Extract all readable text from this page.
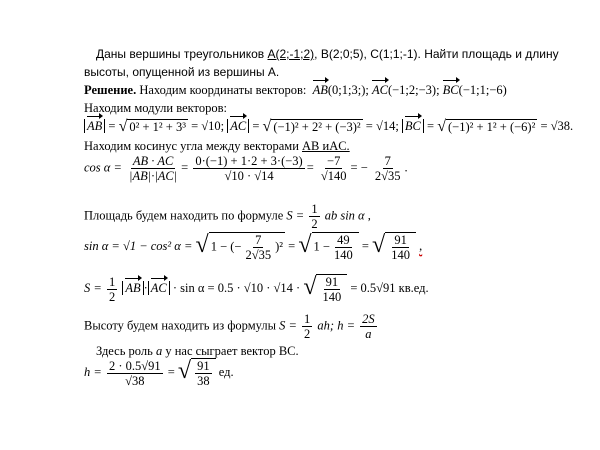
Даны вершины треугольников A(2;-1;2), B(2;0;5), C(1;1;-1). Найти площадь и длину
высоты, опущенной из вершины A.
Решение. Находим координаты векторов: AB(0;1;3;); AC(−1;2;−3); BC(−1;1;−6)
Находим модули векторов:
AB = √ 0² + 1² + 3³ = √10; AC = √ (−1)² + 2² + (−3)² = √14; BC = √ (−1)² + 1² + (−6)² = √38.
Находим косинус угла между векторами AB иAC.
$\cos \alpha = \frac{AB \cdot AC}{|AB|\cdot|AC|} = \frac{0\cdot(-1) + 1\cdot 2 + 3\cdot(-3)}{√10 \cdot √14} = \frac{-7}{√140}$ = − $\frac{7}{2√35}$ .
Площадь будем находить по формуле $S = \frac{1}{2}$ ab sin α ,
sin α = √1 − cos² α = √ 1 − (− $\frac{7}{2√35} )^2$ = √ $1 - \frac{49}{140}$ = √ $\frac{91}{140}$ ,
$S = \frac{1}{2}$ AB · AC · sin α = 0.5 · √10 · √14 · √ $\frac{91}{140} = 0.5√91$ кв.ед.
Высоту будем находить из формулы $S = \frac{1}{2}$ ah; $h = \frac{2S}{a}$
Здесь роль a у нас сыграет вектор BC.
$h = \frac{2 \cdot 0.5√91}{√38}$ = √ $\frac{91}{38}$ ед.
